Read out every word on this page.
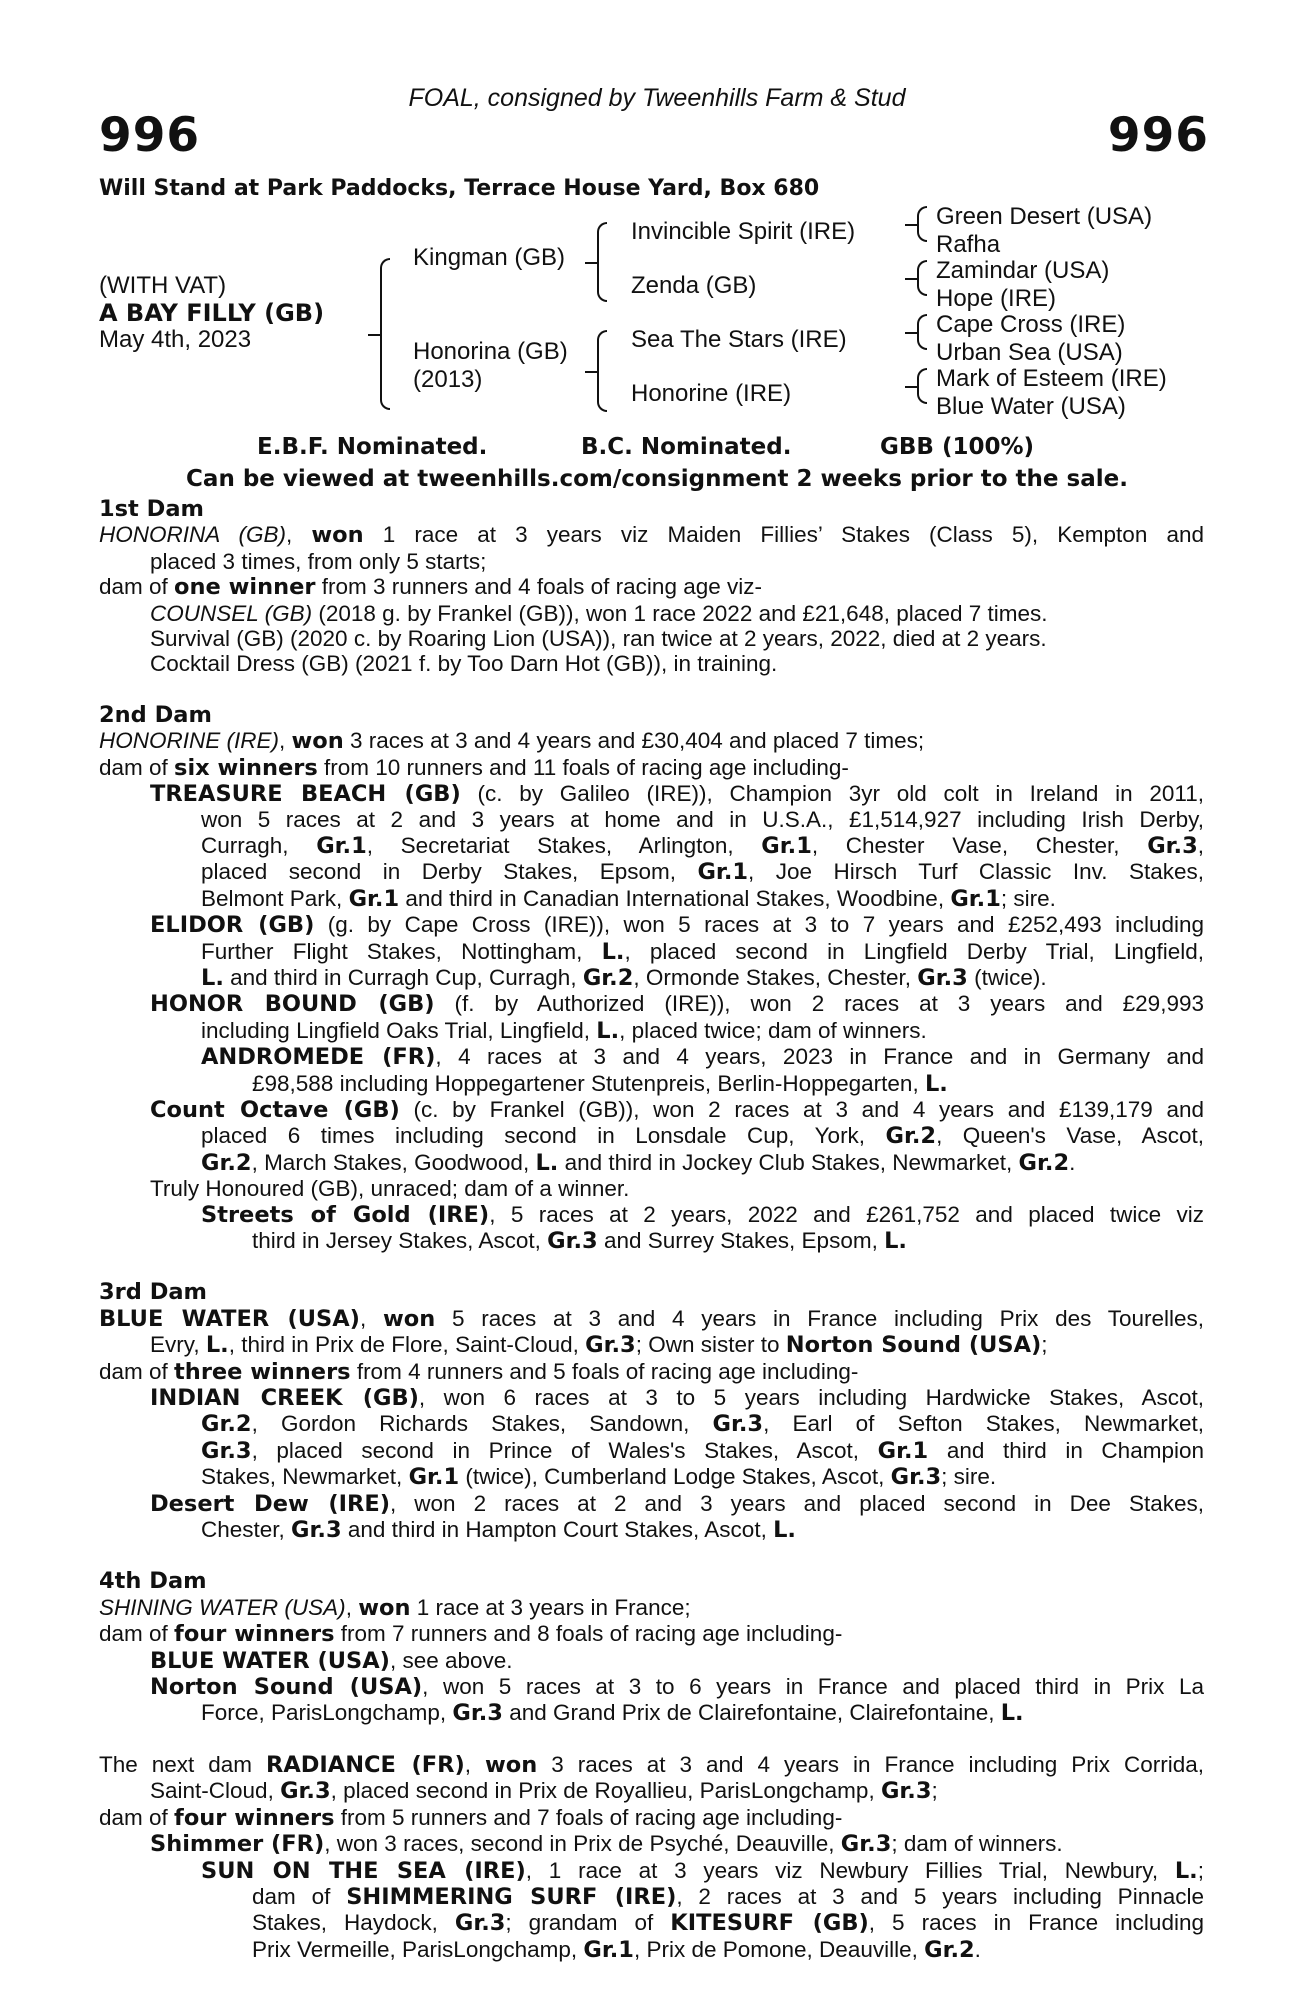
FOAL, consigned by Tweenhills Farm & Stud
996	996
Will Stand at Park Paddocks, Terrace House Yard, Box 680
(WITH VAT)
A BAY FILLY (GB)
May 4th, 2023
Kingman (GB)
Honorina (GB)
(2013)
Invincible Spirit (IRE)
Zenda (GB)
Sea The Stars (IRE)
Honorine (IRE)
Green Desert (USA)
Rafha
Zamindar (USA)
Hope (IRE)
Cape Cross (IRE)
Urban Sea (USA)
Mark of Esteem (IRE)
Blue Water (USA)
E.B.F. Nominated.	B.C. Nominated.	GBB (100%)
Can be viewed at tweenhills.com/consignment 2 weeks prior to the sale.
1st Dam
HONORINA (GB), won 1 race at 3 years viz Maiden Fillies’ Stakes (Class 5), Kempton and
placed 3 times, from only 5 starts;
dam of one winner from 3 runners and 4 foals of racing age viz-
COUNSEL (GB) (2018 g. by Frankel (GB)), won 1 race 2022 and £21,648, placed 7 times.
Survival (GB) (2020 c. by Roaring Lion (USA)), ran twice at 2 years, 2022, died at 2 years.
Cocktail Dress (GB) (2021 f. by Too Darn Hot (GB)), in training.
2nd Dam
HONORINE (IRE), won 3 races at 3 and 4 years and £30,404 and placed 7 times;
dam of six winners from 10 runners and 11 foals of racing age including-
TREASURE BEACH (GB) (c. by Galileo (IRE)), Champion 3yr old colt in Ireland in 2011,
won 5 races at 2 and 3 years at home and in U.S.A., £1,514,927 including Irish Derby,
Curragh, Gr.1, Secretariat Stakes, Arlington, Gr.1, Chester Vase, Chester, Gr.3,
placed second in Derby Stakes, Epsom, Gr.1, Joe Hirsch Turf Classic Inv. Stakes,
Belmont Park, Gr.1 and third in Canadian International Stakes, Woodbine, Gr.1; sire.
ELIDOR (GB) (g. by Cape Cross (IRE)), won 5 races at 3 to 7 years and £252,493 including
Further Flight Stakes, Nottingham, L., placed second in Lingfield Derby Trial, Lingfield,
L. and third in Curragh Cup, Curragh, Gr.2, Ormonde Stakes, Chester, Gr.3 (twice).
HONOR BOUND (GB) (f. by Authorized (IRE)), won 2 races at 3 years and £29,993
including Lingfield Oaks Trial, Lingfield, L., placed twice; dam of winners.
ANDROMEDE (FR), 4 races at 3 and 4 years, 2023 in France and in Germany and
£98,588 including Hoppegartener Stutenpreis, Berlin-Hoppegarten, L.
Count Octave (GB) (c. by Frankel (GB)), won 2 races at 3 and 4 years and £139,179 and
placed 6 times including second in Lonsdale Cup, York, Gr.2, Queen's Vase, Ascot,
Gr.2, March Stakes, Goodwood, L. and third in Jockey Club Stakes, Newmarket, Gr.2.
Truly Honoured (GB), unraced; dam of a winner.
Streets of Gold (IRE), 5 races at 2 years, 2022 and £261,752 and placed twice viz
third in Jersey Stakes, Ascot, Gr.3 and Surrey Stakes, Epsom, L.
3rd Dam
BLUE WATER (USA), won 5 races at 3 and 4 years in France including Prix des Tourelles,
Evry, L., third in Prix de Flore, Saint-Cloud, Gr.3; Own sister to Norton Sound (USA);
dam of three winners from 4 runners and 5 foals of racing age including-
INDIAN CREEK (GB), won 6 races at 3 to 5 years including Hardwicke Stakes, Ascot,
Gr.2, Gordon Richards Stakes, Sandown, Gr.3, Earl of Sefton Stakes, Newmarket,
Gr.3, placed second in Prince of Wales's Stakes, Ascot, Gr.1 and third in Champion
Stakes, Newmarket, Gr.1 (twice), Cumberland Lodge Stakes, Ascot, Gr.3; sire.
Desert Dew (IRE), won 2 races at 2 and 3 years and placed second in Dee Stakes,
Chester, Gr.3 and third in Hampton Court Stakes, Ascot, L.
4th Dam
SHINING WATER (USA), won 1 race at 3 years in France;
dam of four winners from 7 runners and 8 foals of racing age including-
BLUE WATER (USA), see above.
Norton Sound (USA), won 5 races at 3 to 6 years in France and placed third in Prix La
Force, ParisLongchamp, Gr.3 and Grand Prix de Clairefontaine, Clairefontaine, L.
The next dam RADIANCE (FR), won 3 races at 3 and 4 years in France including Prix Corrida,
Saint-Cloud, Gr.3, placed second in Prix de Royallieu, ParisLongchamp, Gr.3;
dam of four winners from 5 runners and 7 foals of racing age including-
Shimmer (FR), won 3 races, second in Prix de Psyché, Deauville, Gr.3; dam of winners.
SUN ON THE SEA (IRE), 1 race at 3 years viz Newbury Fillies Trial, Newbury, L.;
dam of SHIMMERING SURF (IRE), 2 races at 3 and 5 years including Pinnacle
Stakes, Haydock, Gr.3; grandam of KITESURF (GB), 5 races in France including
Prix Vermeille, ParisLongchamp, Gr.1, Prix de Pomone, Deauville, Gr.2.
